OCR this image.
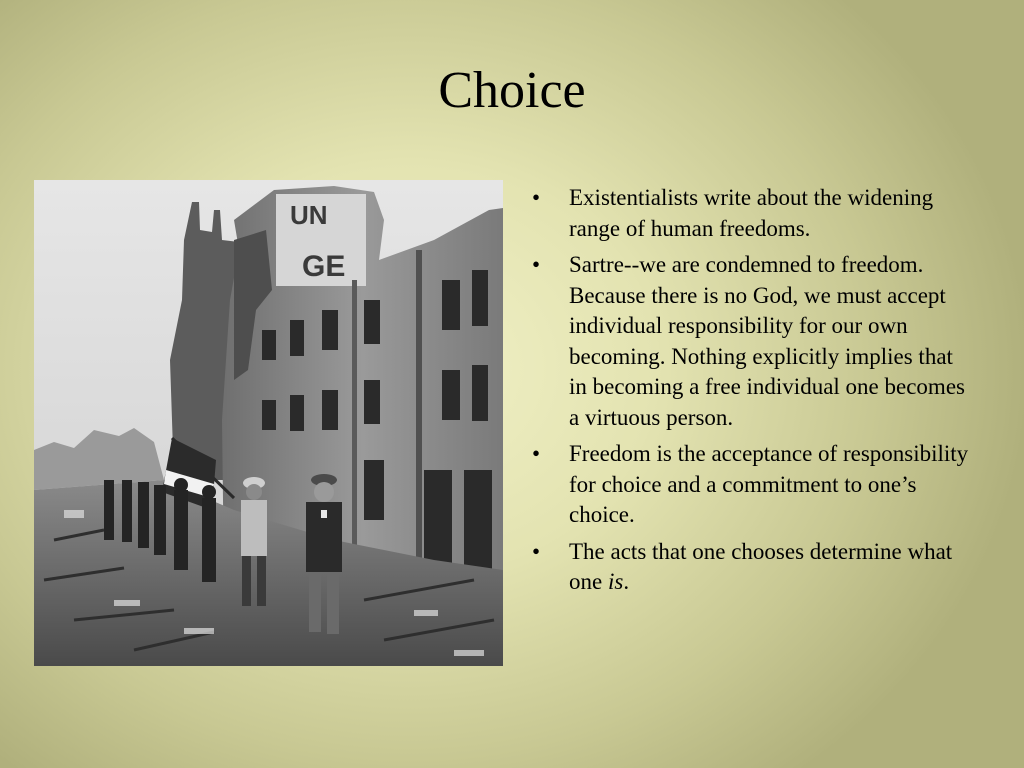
Choice
UN
GE
• Existentialists write about the widening range of human freedoms.
• Sartre--we are condemned to freedom. Because there is no God, we must accept individual responsibility for our own becoming. Nothing explicitly implies that in becoming a free individual one becomes a virtuous person.
• Freedom is the acceptance of responsibility for choice and a commitment to one’s choice.
• The acts that one chooses determine what one is.
